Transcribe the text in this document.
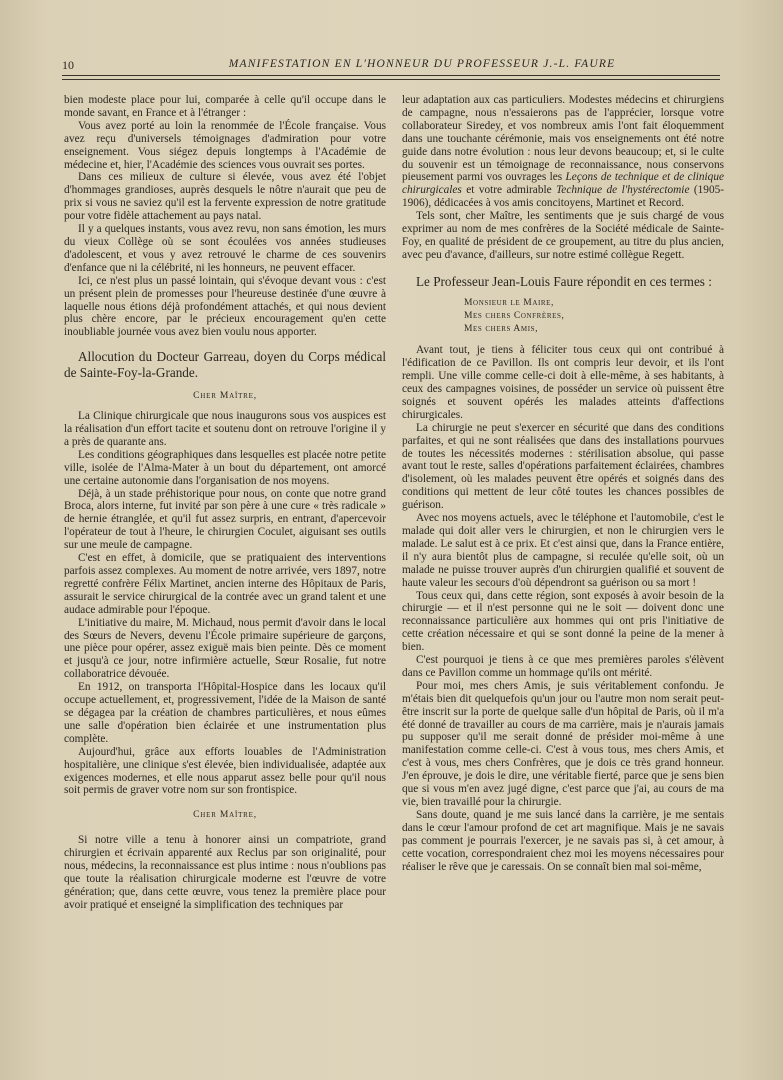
10	MANIFESTATION EN L'HONNEUR DU PROFESSEUR J.-L. FAURE

bien modeste place pour lui, comparée à celle qu'il occupe dans le monde savant, en France et à l'étranger :

Vous avez porté au loin la renommée de l'École française. Vous avez reçu d'universels témoignages d'admiration pour votre enseignement. Vous siégez depuis longtemps à l'Académie de médecine et, hier, l'Académie des sciences vous ouvrait ses portes.

Dans ces milieux de culture si élevée, vous avez été l'objet d'hommages grandioses, auprès desquels le nôtre n'aurait que peu de prix si vous ne saviez qu'il est la fervente expression de notre gratitude pour votre fidèle attachement au pays natal.

Il y a quelques instants, vous avez revu, non sans émotion, les murs du vieux Collège où se sont écoulées vos années studieuses d'adolescent, et vous y avez retrouvé le charme de ces souvenirs d'enfance que ni la célébrité, ni les honneurs, ne peuvent effacer.

Ici, ce n'est plus un passé lointain, qui s'évoque devant vous : c'est un présent plein de promesses pour l'heureuse destinée d'une œuvre à laquelle nous étions déjà profondément attachés, et qui nous devient plus chère encore, par le précieux encouragement qu'en cette inoubliable journée vous avez bien voulu nous apporter.

Allocution du Docteur Garreau, doyen du Corps médical de Sainte-Foy-la-Grande.

Cher Maître,

La Clinique chirurgicale que nous inaugurons sous vos auspices est la réalisation d'un effort tacite et soutenu dont on retrouve l'origine il y a près de quarante ans.

Les conditions géographiques dans lesquelles est placée notre petite ville, isolée de l'Alma-Mater à un bout du département, ont amorcé une certaine autonomie dans l'organisation de nos moyens.

Déjà, à un stade préhistorique pour nous, on conte que notre grand Broca, alors interne, fut invité par son père à une cure « très radicale » de hernie étranglée, et qu'il fut assez surpris, en entrant, d'apercevoir l'opérateur de tout à l'heure, le chirurgien Coculet, aiguisant ses outils sur une meule de campagne.

C'est en effet, à domicile, que se pratiquaient des interventions parfois assez complexes. Au moment de notre arrivée, vers 1897, notre regretté confrère Félix Martinet, ancien interne des Hôpitaux de Paris, assurait le service chirurgical de la contrée avec un grand talent et une audace admirable pour l'époque.

L'initiative du maire, M. Michaud, nous permit d'avoir dans le local des Sœurs de Nevers, devenu l'École primaire supérieure de garçons, une pièce pour opérer, assez exiguë mais bien peinte. Dès ce moment et jusqu'à ce jour, notre infirmière actuelle, Sœur Rosalie, fut notre collaboratrice dévouée.

En 1912, on transporta l'Hôpital-Hospice dans les locaux qu'il occupe actuellement, et, progressivement, l'idée de la Maison de santé se dégagea par la création de chambres particulières, et nous eûmes une salle d'opération bien éclairée et une instrumentation plus complète.

Aujourd'hui, grâce aux efforts louables de l'Administration hospitalière, une clinique s'est élevée, bien individualisée, adaptée aux exigences modernes, et elle nous apparut assez belle pour qu'il nous soit permis de graver votre nom sur son frontispice.

Cher Maître,

Si notre ville a tenu à honorer ainsi un compatriote, grand chirurgien et écrivain apparenté aux Reclus par son originalité, pour nous, médecins, la reconnaissance est plus intime : nous n'oublions pas que toute la réalisation chirurgicale moderne est l'œuvre de votre génération; que, dans cette œuvre, vous tenez la première place pour avoir pratiqué et enseigné la simplification des techniques par

leur adaptation aux cas particuliers. Modestes médecins et chirurgiens de campagne, nous n'essaierons pas de l'apprécier, lorsque votre collaborateur Siredey, et vos nombreux amis l'ont fait éloquemment dans une touchante cérémonie, mais vos enseignements ont été notre guide dans notre évolution : nous leur devons beaucoup; et, si le culte du souvenir est un témoignage de reconnaissance, nous conservons pieusement parmi vos ouvrages les Leçons de technique et de clinique chirurgicales et votre admirable Technique de l'hystérectomie (1905-1906), dédicacées à vos amis concitoyens, Martinet et Record.

Tels sont, cher Maître, les sentiments que je suis chargé de vous exprimer au nom de mes confrères de la Société médicale de Sainte-Foy, en qualité de président de ce groupement, au titre du plus ancien, avec peu d'avance, d'ailleurs, sur notre estimé collègue Regett.

Le Professeur Jean-Louis Faure répondit en ces termes :

Monsieur le Maire,
Mes chers Confrères,
Mes chers Amis,

Avant tout, je tiens à féliciter tous ceux qui ont contribué à l'édification de ce Pavillon. Ils ont compris leur devoir, et ils l'ont rempli. Une ville comme celle-ci doit à elle-même, à ses habitants, à ceux des campagnes voisines, de posséder un service où puissent être soignés et souvent opérés les malades atteints d'affections chirurgicales.

La chirurgie ne peut s'exercer en sécurité que dans des conditions parfaites, et qui ne sont réalisées que dans des installations pourvues de toutes les nécessités modernes : stérilisation absolue, qui passe avant tout le reste, salles d'opérations parfaitement éclairées, chambres d'isolement, où les malades peuvent être opérés et soignés dans des conditions qui mettent de leur côté toutes les chances possibles de guérison.

Avec nos moyens actuels, avec le téléphone et l'automobile, c'est le malade qui doit aller vers le chirurgien, et non le chirurgien vers le malade. Le salut est à ce prix. Et c'est ainsi que, dans la France entière, il n'y aura bientôt plus de campagne, si reculée qu'elle soit, où un malade ne puisse trouver auprès d'un chirurgien qualifié et souvent de haute valeur les secours d'où dépendront sa guérison ou sa mort !

Tous ceux qui, dans cette région, sont exposés à avoir besoin de la chirurgie — et il n'est personne qui ne le soit — doivent donc une reconnaissance particulière aux hommes qui ont pris l'initiative de cette création nécessaire et qui se sont donné la peine de la mener à bien.

C'est pourquoi je tiens à ce que mes premières paroles s'élèvent dans ce Pavillon comme un hommage qu'ils ont mérité.

Pour moi, mes chers Amis, je suis véritablement confondu. Je m'étais bien dit quelquefois qu'un jour ou l'autre mon nom serait peut-être inscrit sur la porte de quelque salle d'un hôpital de Paris, où il m'a été donné de travailler au cours de ma carrière, mais je n'aurais jamais pu supposer qu'il me serait donné de présider moi-même à une manifestation comme celle-ci. C'est à vous tous, mes chers Amis, et c'est à vous, mes chers Confrères, que je dois ce très grand honneur. J'en éprouve, je dois le dire, une véritable fierté, parce que je sens bien que si vous m'en avez jugé digne, c'est parce que j'ai, au cours de ma vie, bien travaillé pour la chirurgie.

Sans doute, quand je me suis lancé dans la carrière, je me sentais dans le cœur l'amour profond de cet art magnifique. Mais je ne savais pas comment je pourrais l'exercer, je ne savais pas si, à cet amour, à cette vocation, correspondraient chez moi les moyens nécessaires pour réaliser le rêve que je caressais. On se connaît bien mal soi-même,
